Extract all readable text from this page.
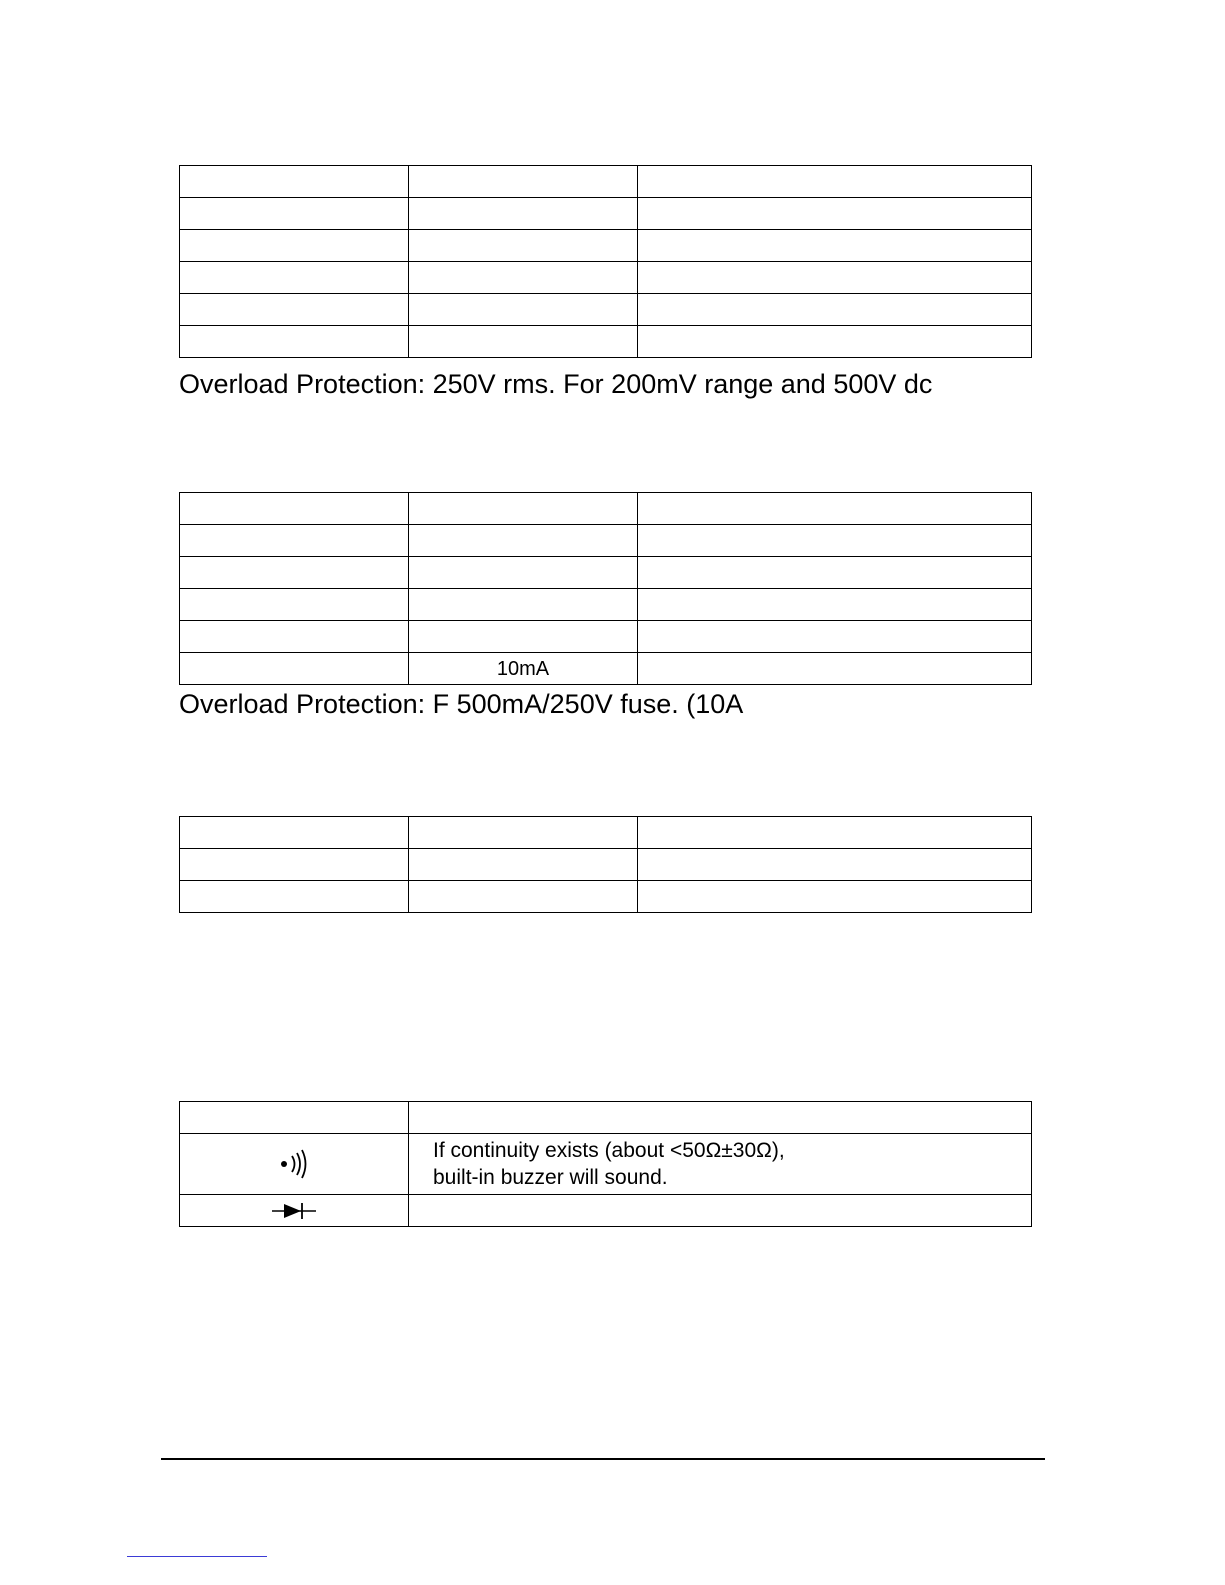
Overload Protection: 250V rms. For 200mV range and 500V dc

	10mA	
Overload Protection: F 500mA/250V fuse. (10A

If continuity exists (about <50Ω±30Ω),
built-in buzzer will sound.
